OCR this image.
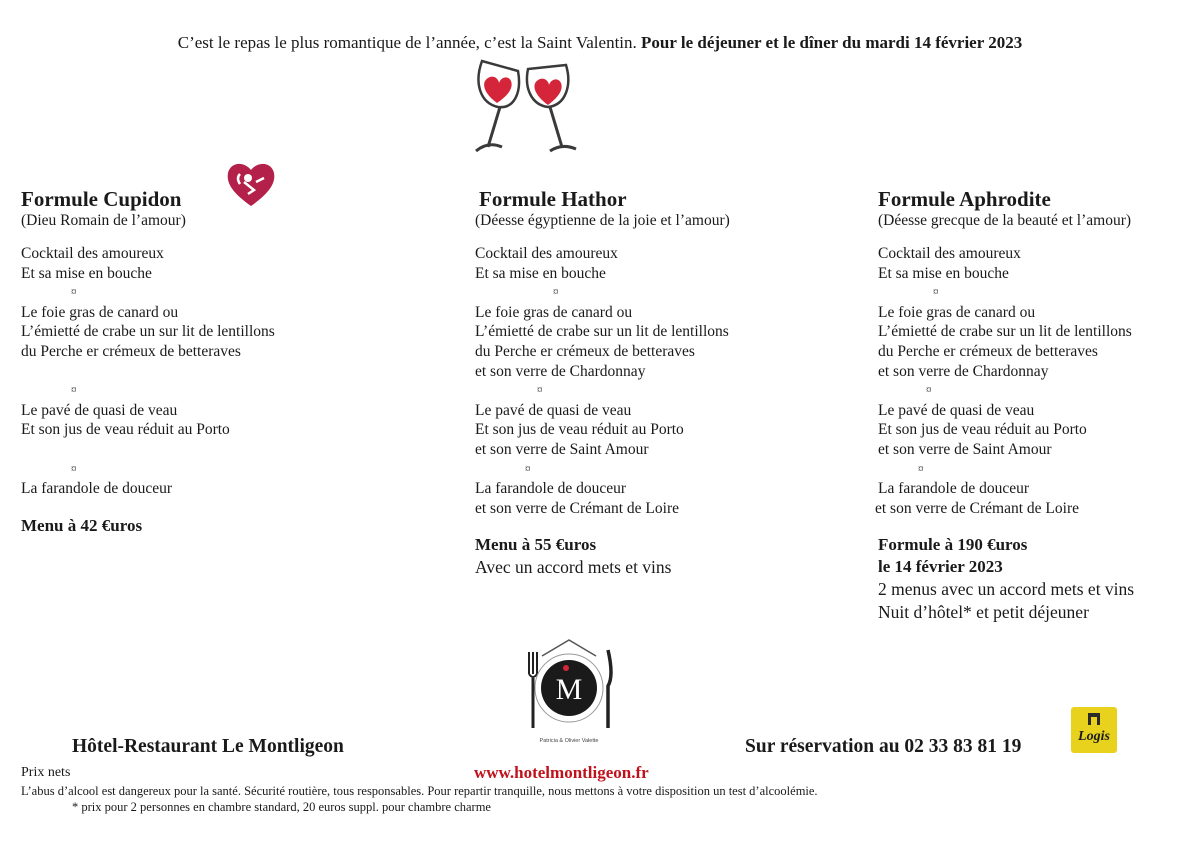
C’est le repas le plus romantique de l’année, c’est la Saint Valentin. Pour le déjeuner et le dîner du mardi 14 février 2023
Formule Cupidon
(Dieu Romain de l’amour)
Cocktail des amoureux
Et sa mise en bouche
¤
Le foie gras de canard ou
L’émietté de crabe un sur lit de lentillons
du Perche er crémeux de betteraves
¤
Le pavé de quasi de veau
Et son jus de veau réduit au Porto
¤
La farandole de douceur
Menu à 42 €uros
Formule Hathor
(Déesse égyptienne de la joie et l’amour)
Cocktail des amoureux
Et sa mise en bouche
¤
Le foie gras de canard ou
L’émietté de crabe sur un lit de lentillons
du Perche er crémeux de betteraves
et son verre de Chardonnay
¤
Le pavé de quasi de veau
Et son jus de veau réduit au Porto
et son verre de Saint Amour
¤
La farandole de douceur
et son verre de Crémant de Loire
Menu à 55 €uros
Avec un accord mets et vins
Formule Aphrodite
(Déesse grecque de la beauté et l’amour)
Cocktail des amoureux
Et sa mise en bouche
¤
Le foie gras de canard ou
L’émietté de crabe sur un lit de lentillons
du Perche er crémeux de betteraves
et son verre de Chardonnay
¤
Le pavé de quasi de veau
Et son jus de veau réduit au Porto
et son verre de Saint Amour
¤
La farandole de douceur
et son verre de Crémant de Loire
Formule à 190 €uros
le 14 février 2023
2 menus avec un accord mets et vins
Nuit d’hôtel* et petit déjeuner
M
Patricia & Olivier Valette
Hôtel-Restaurant Le Montligeon	Sur réservation au 02 33 83 81 19	Logis
Prix nets	www.hotelmontligeon.fr
L’abus d’alcool est dangereux pour la santé. Sécurité routière, tous responsables. Pour repartir tranquille, nous mettons à votre disposition un test d’alcoolémie.
* prix pour 2 personnes en chambre standard, 20 euros suppl. pour chambre charme
